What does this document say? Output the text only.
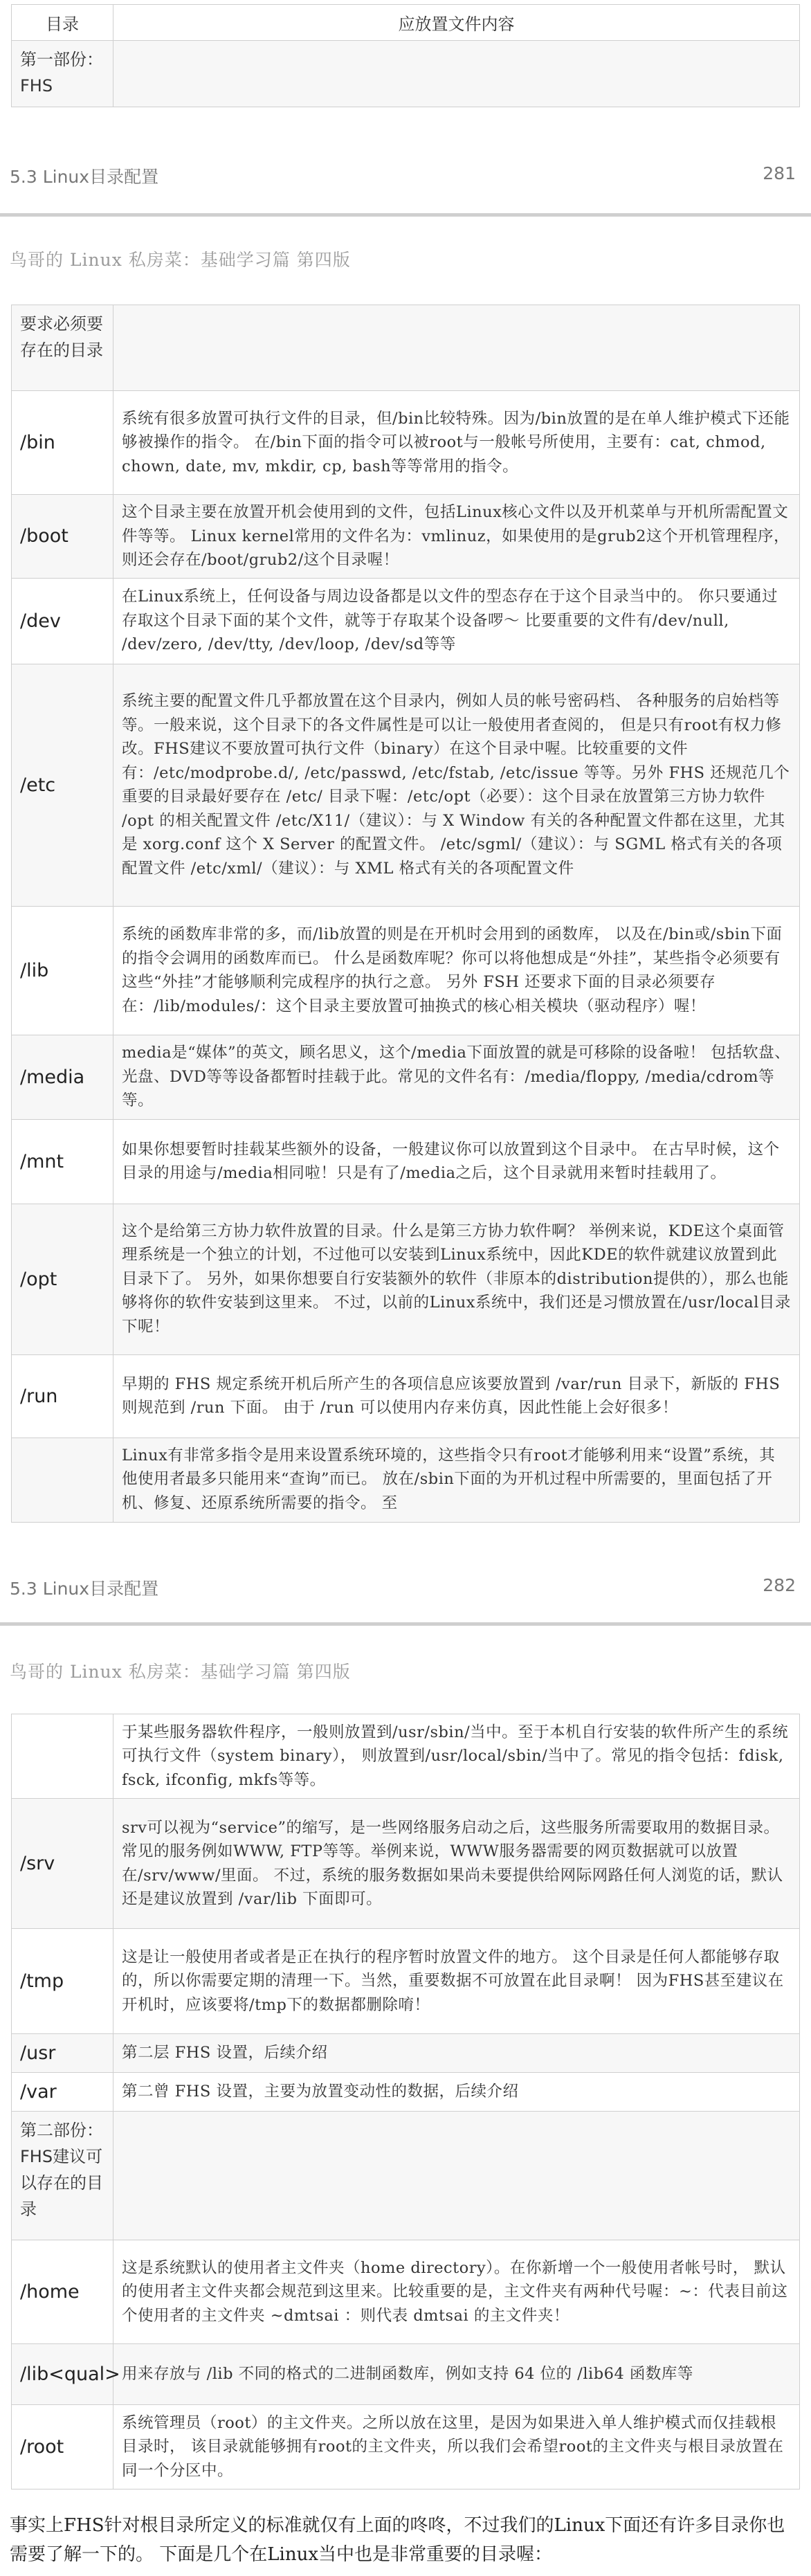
目录	应放置文件内容
第一部份：FHS	
5.3 Linux目录配置	281
鸟哥的 Linux 私房菜：基础学习篇 第四版
要求必须要存在的目录	
/bin	系统有很多放置可执行文件的目录，但/bin比较特殊。因为/bin放置的是在单人维护模式下还能够被操作的指令。 在/bin下面的指令可以被root与一般帐号所使用，主要有：cat, chmod, chown, date, mv, mkdir, cp, bash等等常用的指令。
/boot	这个目录主要在放置开机会使用到的文件，包括Linux核心文件以及开机菜单与开机所需配置文件等等。 Linux kernel常用的文件名为：vmlinuz，如果使用的是grub2这个开机管理程序， 则还会存在/boot/grub2/这个目录喔！
/dev	在Linux系统上，任何设备与周边设备都是以文件的型态存在于这个目录当中的。 你只要通过存取这个目录下面的某个文件，就等于存取某个设备啰～ 比要重要的文件有/dev/null, /dev/zero, /dev/tty, /dev/loop, /dev/sd等等
/etc	系统主要的配置文件几乎都放置在这个目录内，例如人员的帐号密码档、 各种服务的启始档等等。一般来说，这个目录下的各文件属性是可以让一般使用者查阅的， 但是只有root有权力修改。FHS建议不要放置可执行文件（binary）在这个目录中喔。比较重要的文件有：/etc/modprobe.d/, /etc/passwd, /etc/fstab, /etc/issue 等等。另外 FHS 还规范几个重要的目录最好要存在 /etc/ 目录下喔：/etc/opt（必要）：这个目录在放置第三方协力软件 /opt 的相关配置文件 /etc/X11/（建议）：与 X Window 有关的各种配置文件都在这里，尤其是 xorg.conf 这个 X Server 的配置文件。 /etc/sgml/（建议）：与 SGML 格式有关的各项配置文件 /etc/xml/（建议）：与 XML 格式有关的各项配置文件
/lib	系统的函数库非常的多，而/lib放置的则是在开机时会用到的函数库， 以及在/bin或/sbin下面的指令会调用的函数库而已。 什么是函数库呢？你可以将他想成是“外挂”，某些指令必须要有这些“外挂”才能够顺利完成程序的执行之意。 另外 FSH 还要求下面的目录必须要存在：/lib/modules/：这个目录主要放置可抽换式的核心相关模块（驱动程序）喔！
/media	media是“媒体”的英文，顾名思义，这个/media下面放置的就是可移除的设备啦！ 包括软盘、光盘、DVD等等设备都暂时挂载于此。常见的文件名有：/media/floppy, /media/cdrom等等。
/mnt	如果你想要暂时挂载某些额外的设备，一般建议你可以放置到这个目录中。 在古早时候，这个目录的用途与/media相同啦！只是有了/media之后，这个目录就用来暂时挂载用了。
/opt	这个是给第三方协力软件放置的目录。什么是第三方协力软件啊？ 举例来说，KDE这个桌面管理系统是一个独立的计划，不过他可以安装到Linux系统中，因此KDE的软件就建议放置到此目录下了。 另外，如果你想要自行安装额外的软件（非原本的distribution提供的），那么也能够将你的软件安装到这里来。 不过，以前的Linux系统中，我们还是习惯放置在/usr/local目录下呢！
/run	早期的 FHS 规定系统开机后所产生的各项信息应该要放置到 /var/run 目录下，新版的 FHS 则规范到 /run 下面。 由于 /run 可以使用内存来仿真，因此性能上会好很多！
	Linux有非常多指令是用来设置系统环境的，这些指令只有root才能够利用来“设置”系统，其他使用者最多只能用来“查询”而已。 放在/sbin下面的为开机过程中所需要的，里面包括了开机、修复、还原系统所需要的指令。 至
5.3 Linux目录配置	282
鸟哥的 Linux 私房菜：基础学习篇 第四版
	于某些服务器软件程序，一般则放置到/usr/sbin/当中。至于本机自行安装的软件所产生的系统可执行文件（system binary）， 则放置到/usr/local/sbin/当中了。常见的指令包括：fdisk, fsck, ifconfig, mkfs等等。
/srv	srv可以视为“service”的缩写，是一些网络服务启动之后，这些服务所需要取用的数据目录。 常见的服务例如WWW, FTP等等。举例来说，WWW服务器需要的网页数据就可以放置在/srv/www/里面。 不过，系统的服务数据如果尚未要提供给网际网路任何人浏览的话，默认还是建议放置到 /var/lib 下面即可。
/tmp	这是让一般使用者或者是正在执行的程序暂时放置文件的地方。 这个目录是任何人都能够存取的，所以你需要定期的清理一下。当然，重要数据不可放置在此目录啊！ 因为FHS甚至建议在开机时，应该要将/tmp下的数据都删除唷！
/usr	第二层 FHS 设置，后续介绍
/var	第二曾 FHS 设置，主要为放置变动性的数据，后续介绍
第二部份：FHS建议可以存在的目录	
/home	这是系统默认的使用者主文件夹（home directory）。在你新增一个一般使用者帐号时， 默认的使用者主文件夹都会规范到这里来。比较重要的是，主文件夹有两种代号喔：~：代表目前这个使用者的主文件夹 ~dmtsai ：则代表 dmtsai 的主文件夹！
/lib<qual>	用来存放与 /lib 不同的格式的二进制函数库，例如支持 64 位的 /lib64 函数库等
/root	系统管理员（root）的主文件夹。之所以放在这里，是因为如果进入单人维护模式而仅挂载根目录时， 该目录就能够拥有root的主文件夹，所以我们会希望root的主文件夹与根目录放置在同一个分区中。
事实上FHS针对根目录所定义的标准就仅有上面的咚咚，不过我们的Linux下面还有许多目录你也需要了解一下的。 下面是几个在Linux当中也是非常重要的目录喔：
